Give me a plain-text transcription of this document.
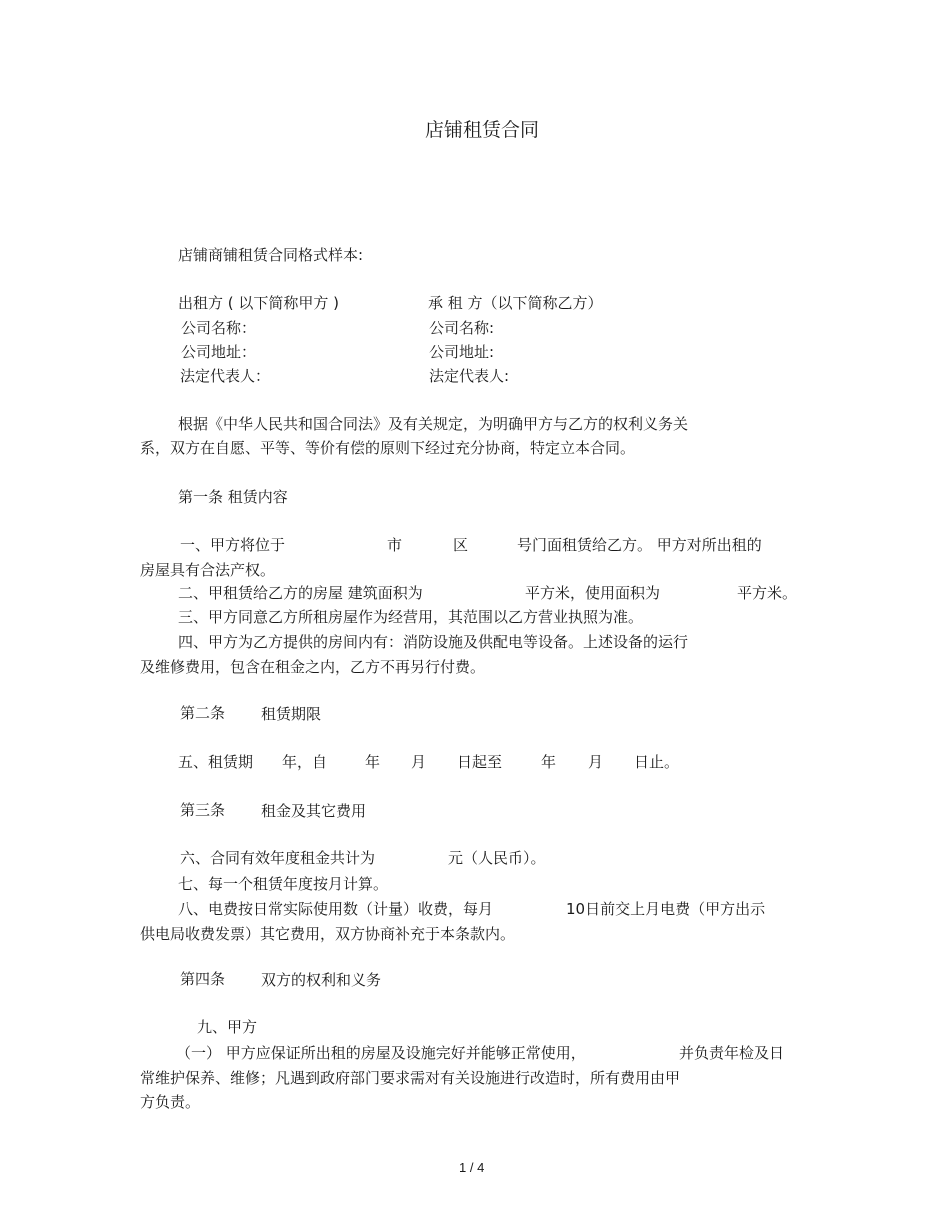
店铺租赁合同
店铺商铺租赁合同格式样本:
出租方 ( 以下简称甲方 )	承 租 方（以下简称乙方）
公司名称：	公司名称:
公司地址：	公司地址:
法定代表人：	法定代表人:
根据《中华人民共和国合同法》及有关规定，为明确甲方与乙方的权利义务关
系，双方在自愿、平等、等价有偿的原则下经过充分协商，特定立本合同。
第一条 租赁内容
一、甲方将位于	市	区	号门面租赁给乙方。 甲方对所出租的
房屋具有合法产权。
二、甲租赁给乙方的房屋 建筑面积为	平方米，使用面积为	平方米。
三、甲方同意乙方所租房屋作为经营用，其范围以乙方营业执照为准。
四、甲方为乙方提供的房间内有：消防设施及供配电等设备。上述设备的运行
及维修费用，包含在租金之内，乙方不再另行付费。
第二条 租赁期限
五、租赁期 年，自	年 月 日起至	年 月 日止。
第三条 租金及其它费用
六、合同有效年度租金共计为	元（人民币）。
七、每一个租赁年度按月计算。
八、电费按日常实际使用数（计量）收费，每月	10日前交上月电费（甲方出示
供电局收费发票）其它费用，双方协商补充于本条款内。
第四条 双方的权利和义务
九、甲方
（一） 甲方应保证所出租的房屋及设施完好并能够正常使用，	并负责年检及日
常维护保养、维修；凡遇到政府部门要求需对有关设施进行改造时，所有费用由甲
方负责。
1 / 4
